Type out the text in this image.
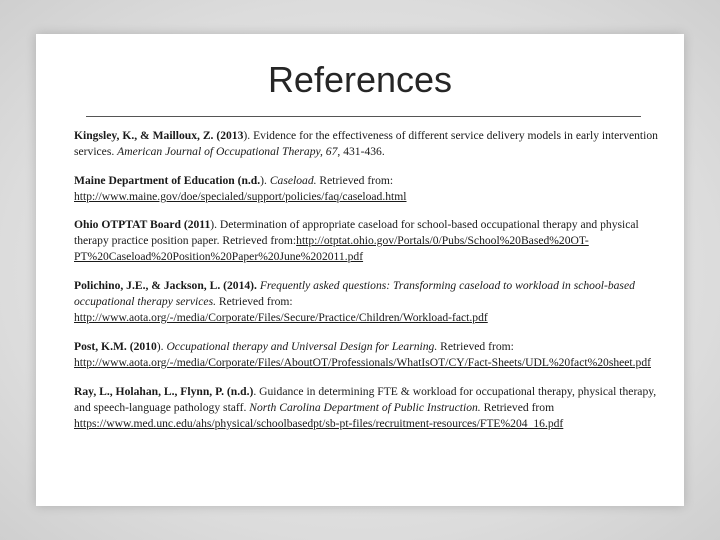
References

Kingsley, K., & Mailloux, Z. (2013). Evidence for the effectiveness of different service delivery models in early intervention services. American Journal of Occupational Therapy, 67, 431-436.

Maine Department of Education (n.d.). Caseload. Retrieved from:
http://www.maine.gov/doe/specialed/support/policies/faq/caseload.html

Ohio OTPTAT Board (2011). Determination of appropriate caseload for school-based occupational therapy and physical therapy practice position paper. Retrieved from:http://otptat.ohio.gov/Portals/0/Pubs/School%20Based%20OT-PT%20Caseload%20Position%20Paper%20June%202011.pdf

Polichino, J.E., & Jackson, L. (2014). Frequently asked questions: Transforming caseload to workload in school-based occupational therapy services. Retrieved from: http://www.aota.org/-/media/Corporate/Files/Secure/Practice/Children/Workload-fact.pdf

Post, K.M. (2010). Occupational therapy and Universal Design for Learning. Retrieved from: http://www.aota.org/-/media/Corporate/Files/AboutOT/Professionals/WhatIsOT/CY/Fact-Sheets/UDL%20fact%20sheet.pdf

Ray, L., Holahan, L., Flynn, P. (n.d.). Guidance in determining FTE & workload for occupational therapy, physical therapy, and speech-language pathology staff. North Carolina Department of Public Instruction. Retrieved from https://www.med.unc.edu/ahs/physical/schoolbasedpt/sb-pt-files/recruitment-resources/FTE%204_16.pdf
